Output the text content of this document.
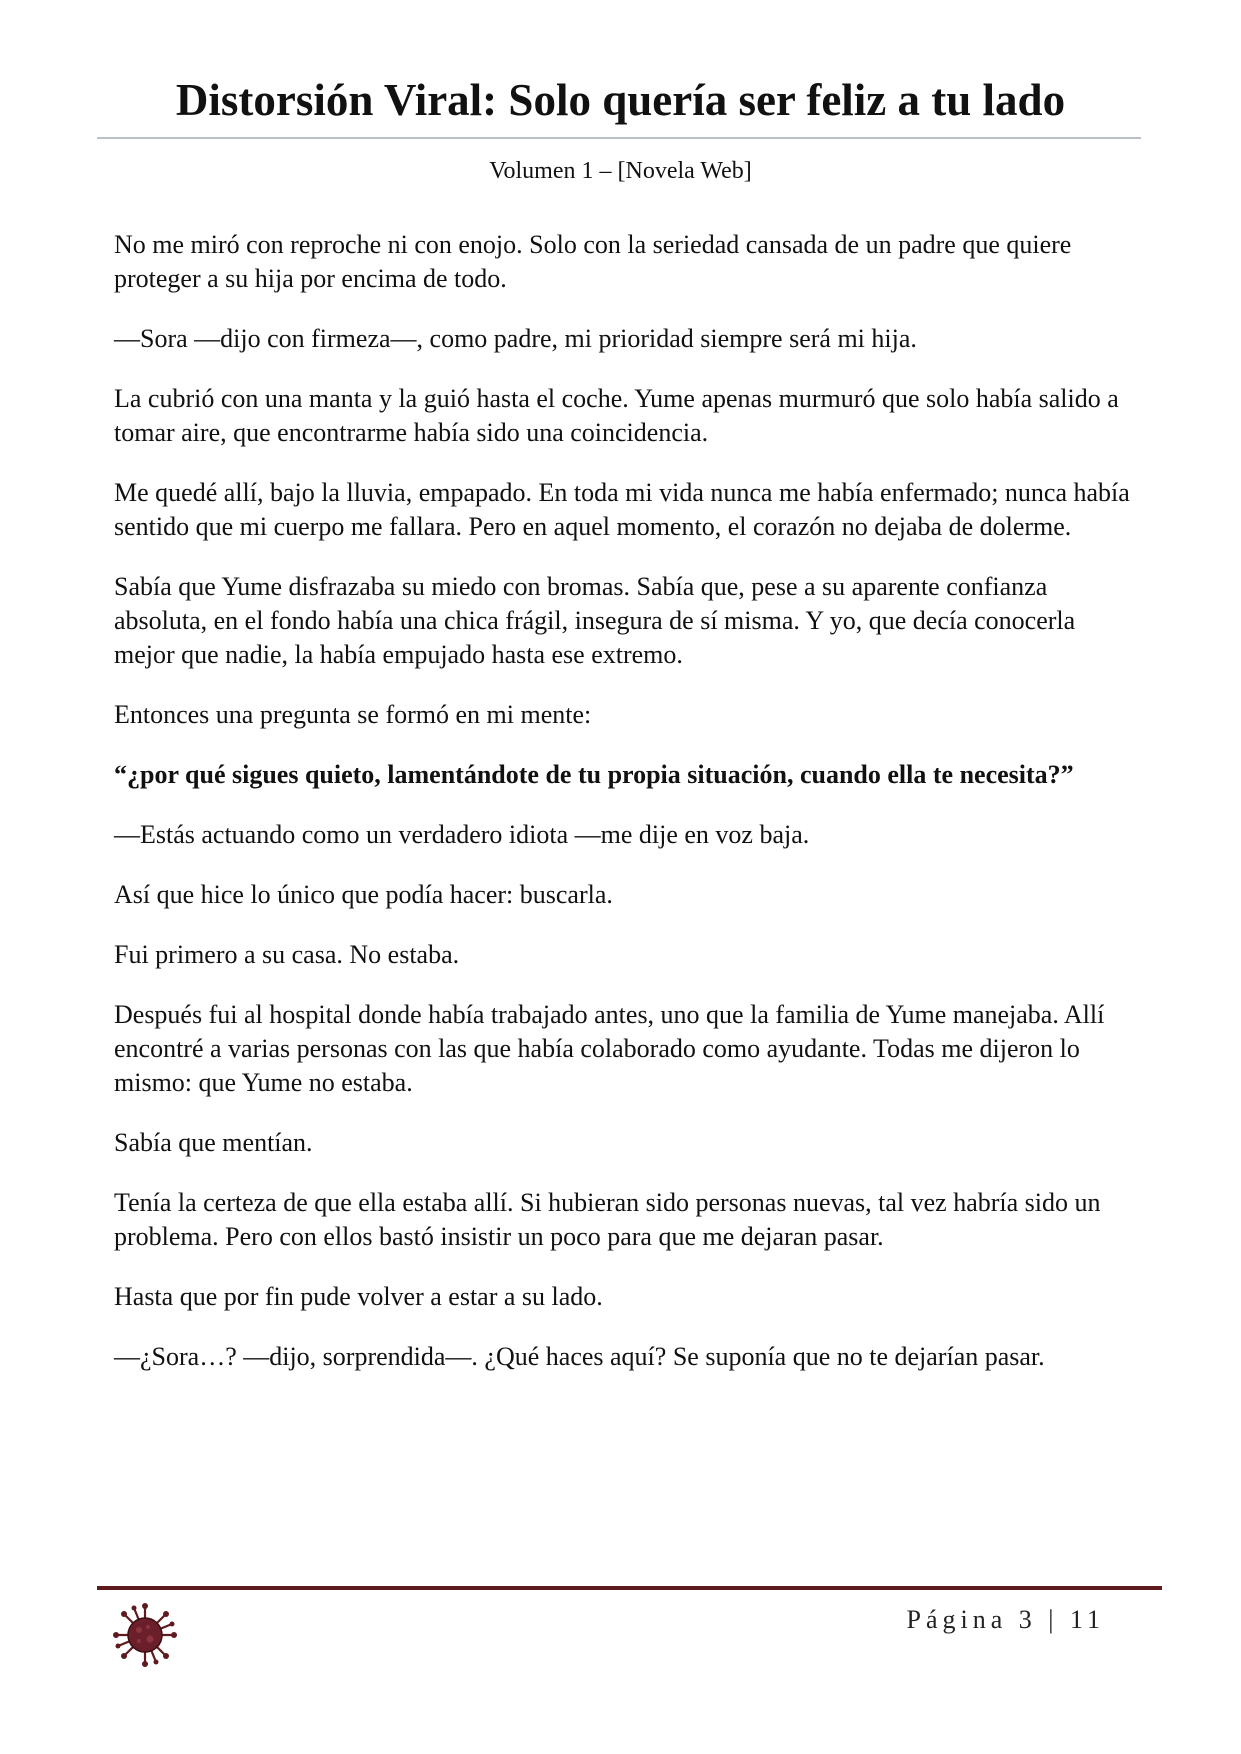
Distorsión Viral: Solo quería ser feliz a tu lado
Volumen 1 – [Novela Web]

No me miró con reproche ni con enojo. Solo con la seriedad cansada de un padre que quiere proteger a su hija por encima de todo.

—Sora —dijo con firmeza—, como padre, mi prioridad siempre será mi hija.

La cubrió con una manta y la guió hasta el coche. Yume apenas murmuró que solo había salido a tomar aire, que encontrarme había sido una coincidencia.

Me quedé allí, bajo la lluvia, empapado. En toda mi vida nunca me había enfermado; nunca había sentido que mi cuerpo me fallara. Pero en aquel momento, el corazón no dejaba de dolerme.

Sabía que Yume disfrazaba su miedo con bromas. Sabía que, pese a su aparente confianza absoluta, en el fondo había una chica frágil, insegura de sí misma. Y yo, que decía conocerla mejor que nadie, la había empujado hasta ese extremo.

Entonces una pregunta se formó en mi mente:

“¿por qué sigues quieto, lamentándote de tu propia situación, cuando ella te necesita?”

—Estás actuando como un verdadero idiota —me dije en voz baja.

Así que hice lo único que podía hacer: buscarla.

Fui primero a su casa. No estaba.

Después fui al hospital donde había trabajado antes, uno que la familia de Yume manejaba. Allí encontré a varias personas con las que había colaborado como ayudante. Todas me dijeron lo mismo: que Yume no estaba.

Sabía que mentían.

Tenía la certeza de que ella estaba allí. Si hubieran sido personas nuevas, tal vez habría sido un problema. Pero con ellos bastó insistir un poco para que me dejaran pasar.

Hasta que por fin pude volver a estar a su lado.

—¿Sora…? —dijo, sorprendida—. ¿Qué haces aquí? Se suponía que no te dejarían pasar.

Página 3 | 11
